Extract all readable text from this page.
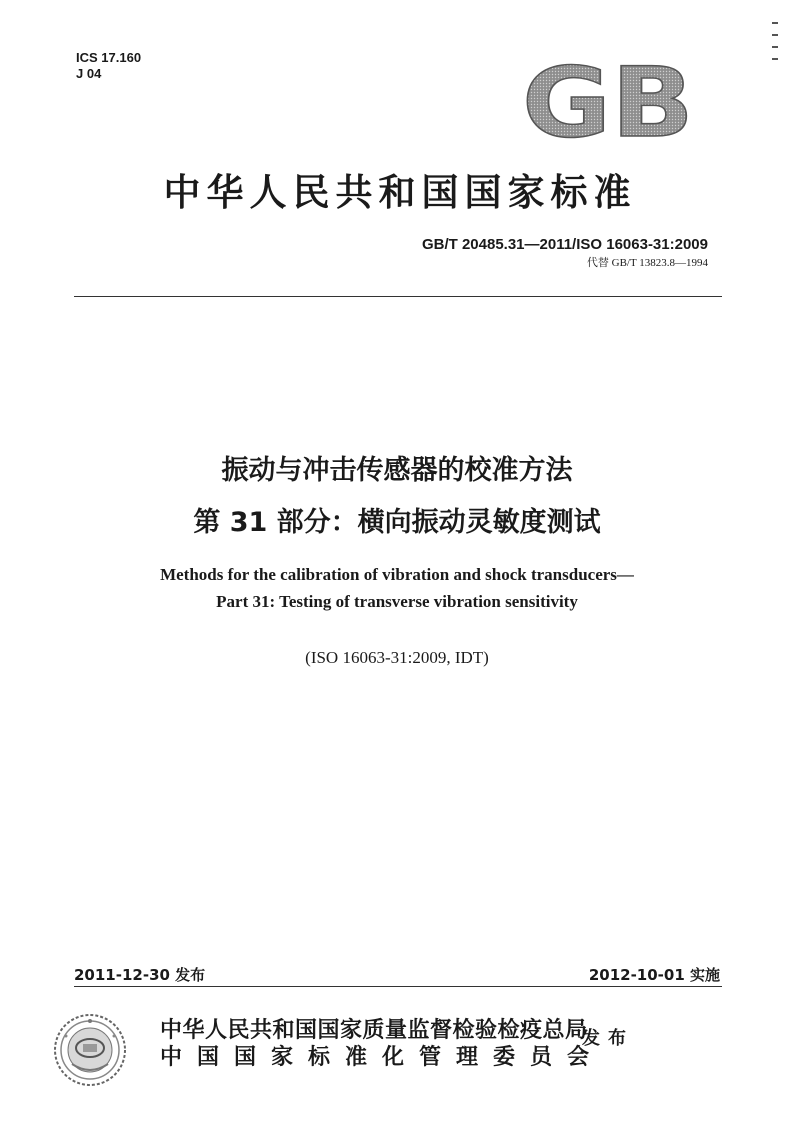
ICS 17.160
J 04	GB
中华人民共和国国家标准
GB/T 20485.31—2011/ISO 16063-31:2009
代替 GB/T 13823.8—1994
振动与冲击传感器的校准方法
第 31 部分：横向振动灵敏度测试
Methods for the calibration of vibration and shock transducers—
Part 31: Testing of transverse vibration sensitivity
(ISO 16063-31:2009, IDT)
2011-12-30 发布	2012-10-01 实施
中华人民共和国国家质量监督检验检疫总局
中国国家标准化管理委员会
发布
